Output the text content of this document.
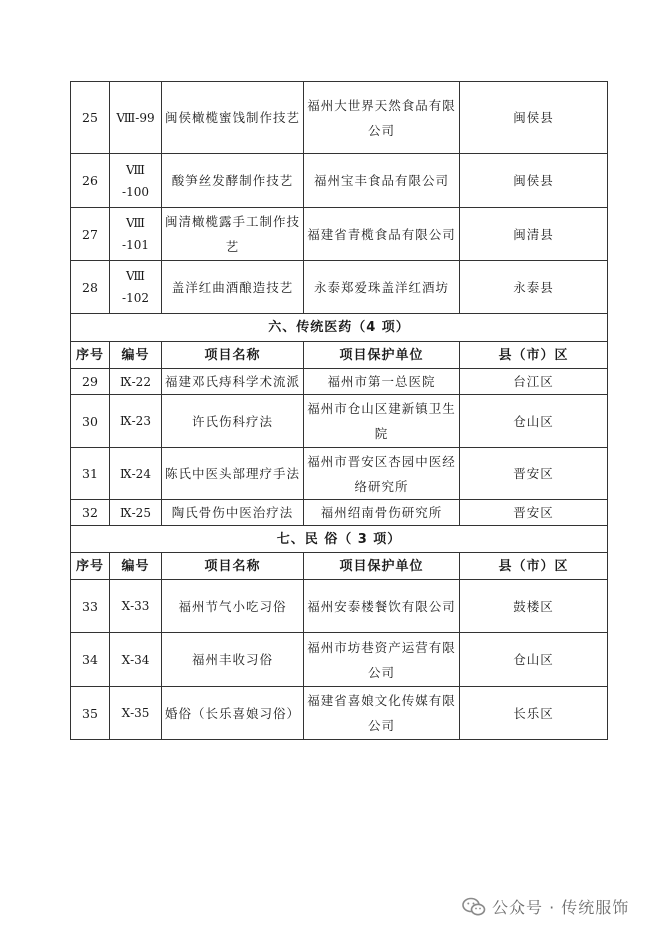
25	Ⅷ-99	闽侯橄榄蜜饯制作技艺	福州大世界天然食品有限公司	闽侯县
26	Ⅷ -100	酸笋丝发酵制作技艺	福州宝丰食品有限公司	闽侯县
27	Ⅷ -101	闽清橄榄露手工制作技艺	福建省青榄食品有限公司	闽清县
28	Ⅷ -102	盖洋红曲酒酿造技艺	永泰郑爱珠盖洋红酒坊	永泰县
六、传统医药（4 项）				
序号	编号	项目名称	项目保护单位	县（市）区
29	Ⅸ-22	福建邓氏痔科学术流派	福州市第一总医院	台江区
30	Ⅸ-23	许氏伤科疗法	福州市仓山区建新镇卫生院	仓山区
31	Ⅸ-24	陈氏中医头部理疗手法	福州市晋安区杏园中医经络研究所	晋安区
32	Ⅸ-25	陶氏骨伤中医治疗法	福州绍南骨伤研究所	晋安区
七、民 俗（ 3 项）				
序号	编号	项目名称	项目保护单位	县（市）区
33	Ⅹ-33	福州节气小吃习俗	福州安泰楼餐饮有限公司	鼓楼区
34	Ⅹ-34	福州丰收习俗	福州市坊巷资产运营有限公司	仓山区
35	Ⅹ-35	婚俗（长乐喜娘习俗）	福建省喜娘文化传媒有限公司	长乐区
公众号 · 传统服饰
